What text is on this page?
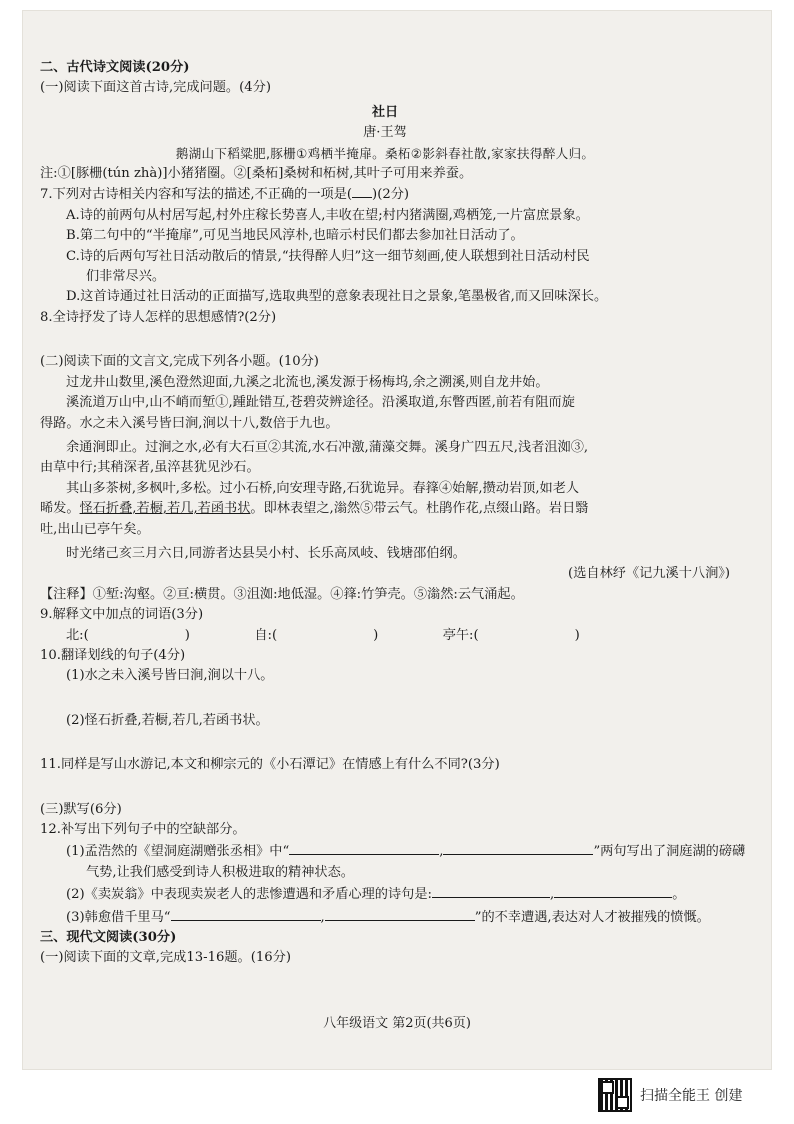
二、古代诗文阅读(20分)
(一)阅读下面这首古诗,完成问题。(4分)
社日
唐·王驾
鹅湖山下稻粱肥,豚栅①鸡栖半掩扉。桑柘②影斜春社散,家家扶得醉人归。
注:①[豚栅(tún zhà)]小猪猪圈。②[桑柘]桑树和柘树,其叶子可用来养蚕。
7.下列对古诗相关内容和写法的描述,不正确的一项是( )(2分)
A.诗的前两句从村居写起,村外庄稼长势喜人,丰收在望;村内猪满圈,鸡栖笼,一片富庶景象。
B.第二句中的“半掩扉”,可见当地民风淳朴,也暗示村民们都去参加社日活动了。
C.诗的后两句写社日活动散后的情景,“扶得醉人归”这一细节刻画,使人联想到社日活动村民
们非常尽兴。
D.这首诗通过社日活动的正面描写,选取典型的意象表现社日之景象,笔墨极省,而又回味深长。
8.全诗抒发了诗人怎样的思想感情?(2分)
(二)阅读下面的文言文,完成下列各小题。(10分)
过龙井山数里,溪色澄然迎面,九溪之北流也,溪发源于杨梅坞,余之溯溪,则自龙井始。
溪流道万山中,山不峭而堑①,踵趾错互,苍碧荧辨途径。沿溪取道,东瞥西匿,前若有阻而旋
得路。水之未入溪号皆曰涧,涧以十八,数倍于九也。
余通涧即止。过涧之水,必有大石亘②其流,水石冲激,蒲藻交舞。溪身广四五尺,浅者沮洳③,
由草中行;其稍深者,虽淬甚犹见沙石。
其山多茶树,多枫叶,多松。过小石桥,向安理寺路,石犹诡异。春箨④始解,攒动岩顶,如老人
晞发。怪石折叠,若橱,若几,若函书状。即林表望之,滃然⑤带云气。杜鹃作花,点缀山路。岩日翳
吐,出山已亭午矣。
时光绪己亥三月六日,同游者达县吴小村、长乐高凤岐、钱塘邵伯纲。
(选自林纾《记九溪十八涧》)
【注释】①堑:沟壑。②亘:横贯。③沮洳:地低湿。④箨:竹笋壳。⑤滃然:云气涌起。
9.解释文中加点的词语(3分)
北:(	)	自:(	)	亭午:(	)
10.翻译划线的句子(4分)
(1)水之未入溪号皆曰涧,涧以十八。
(2)怪石折叠,若橱,若几,若函书状。
11.同样是写山水游记,本文和柳宗元的《小石潭记》在情感上有什么不同?(3分)
(三)默写(6分)
12.补写出下列句子中的空缺部分。
(1)孟浩然的《望洞庭湖赠张丞相》中“	,	”两句写出了洞庭湖的磅礴
气势,让我们感受到诗人积极进取的精神状态。
(2)《卖炭翁》中表现卖炭老人的悲惨遭遇和矛盾心理的诗句是:	,	。
(3)韩愈借千里马“	,	”的不幸遭遇,表达对人才被摧残的愤慨。
三、现代文阅读(30分)
(一)阅读下面的文章,完成13-16题。(16分)
八年级语文 第2页(共6页)
扫描全能王 创建
